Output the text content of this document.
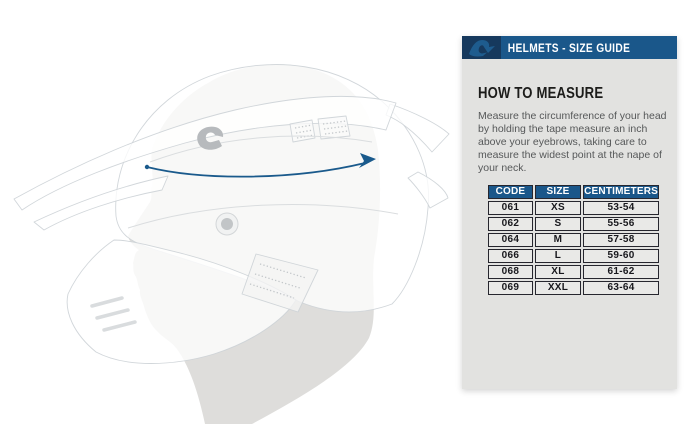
HELMETS - SIZE GUIDE
HOW TO MEASURE

Measure the circumference of your head by holding the tape measure an inch above your eyebrows, taking care to measure the widest point at the nape of your neck.

CODE	SIZE	CENTIMETERS
061	XS	53-54
062	S	55-56
064	M	57-58
066	L	59-60
068	XL	61-62
069	XXL	63-64
